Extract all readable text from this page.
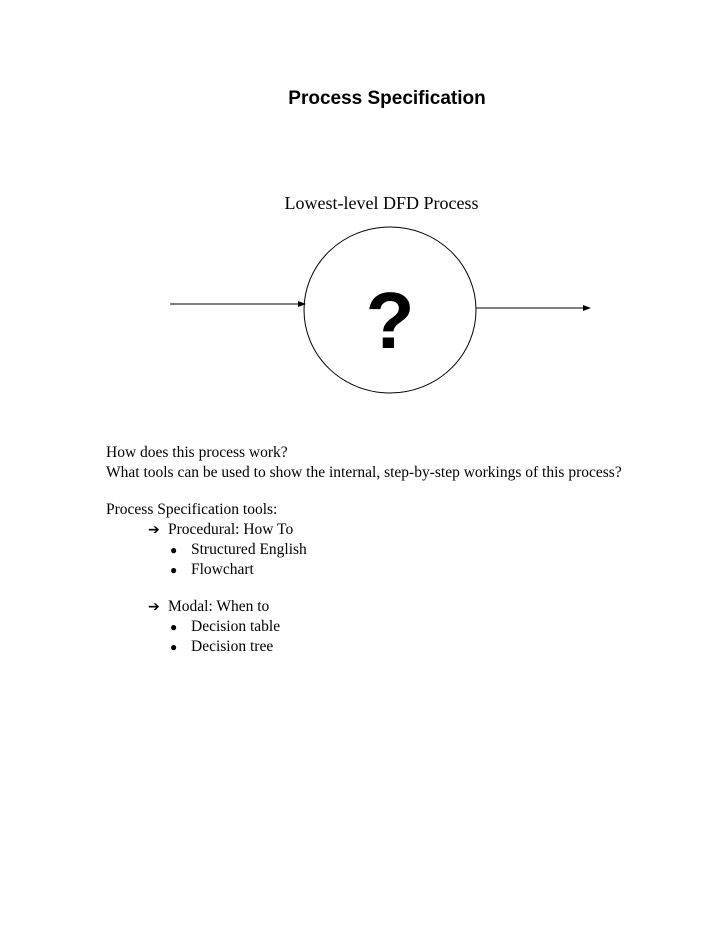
Process Specification
Lowest-level DFD Process
?
How does this process work?
What tools can be used to show the internal, step-by-step workings of this process?
Process Specification tools:
➔ Procedural: How To
● Structured English
● Flowchart
➔ Modal: When to
● Decision table
● Decision tree
